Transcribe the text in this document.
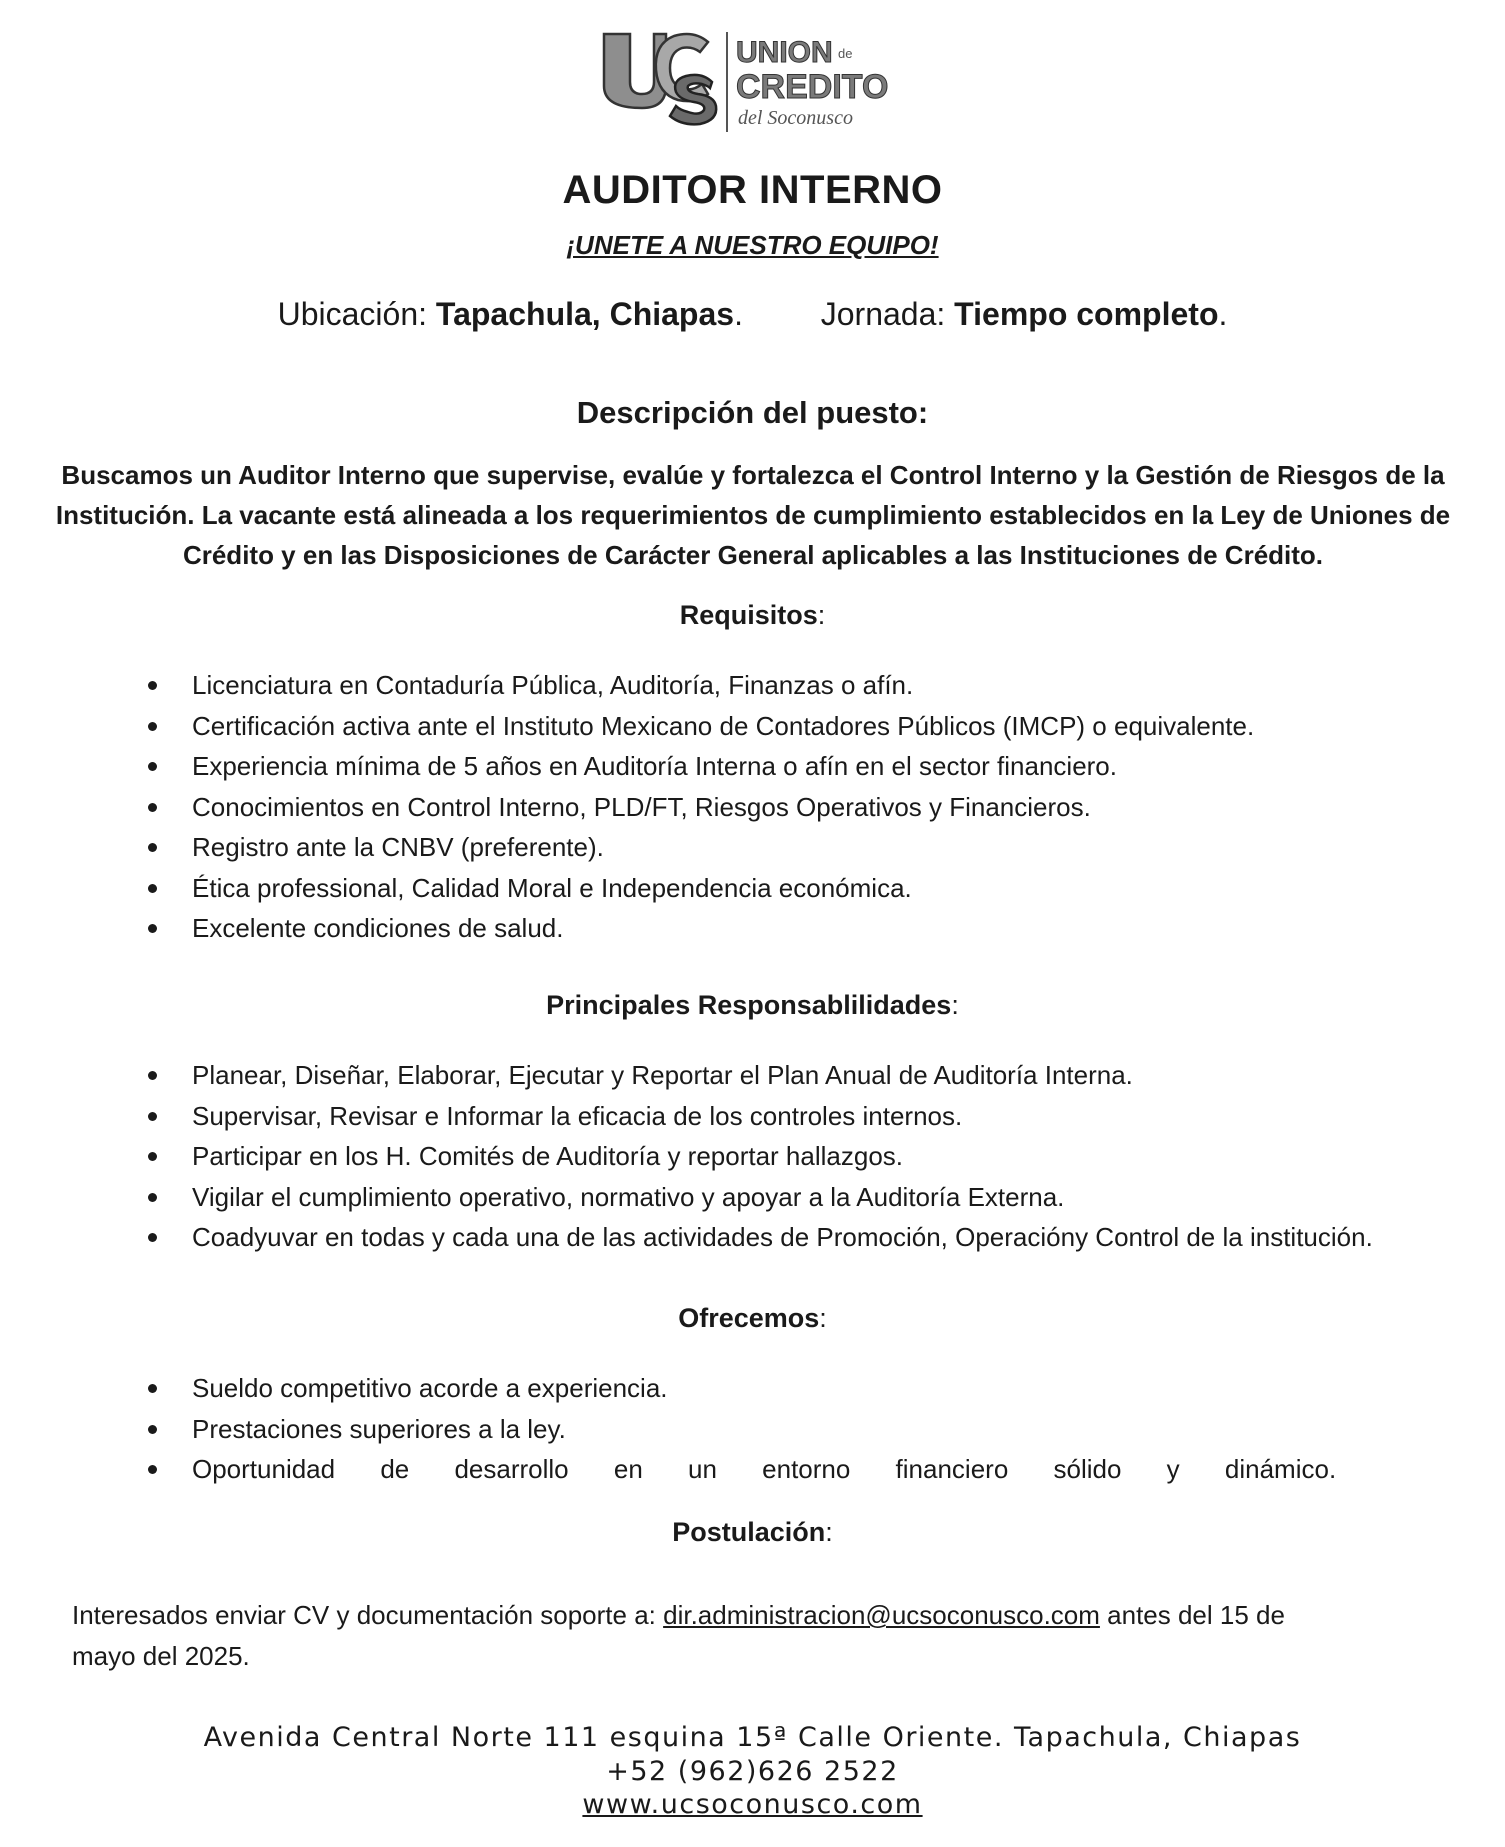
UNION de
CREDITO
del Soconusco
AUDITOR INTERNO
¡UNETE A NUESTRO EQUIPO!
Ubicación: Tapachula, Chiapas. Jornada: Tiempo completo.
Descripción del puesto:
Buscamos un Auditor Interno que supervise, evalúe y fortalezca el Control Interno y la Gestión de Riesgos de la Institución. La vacante está alineada a los requerimientos de cumplimiento establecidos en la Ley de Uniones de Crédito y en las Disposiciones de Carácter General aplicables a las Instituciones de Crédito.
Requisitos:
Licenciatura en Contaduría Pública, Auditoría, Finanzas o afín.
Certificación activa ante el Instituto Mexicano de Contadores Públicos (IMCP) o equivalente.
Experiencia mínima de 5 años en Auditoría Interna o afín en el sector financiero.
Conocimientos en Control Interno, PLD/FT, Riesgos Operativos y Financieros.
Registro ante la CNBV (preferente).
Ética professional, Calidad Moral e Independencia económica.
Excelente condiciones de salud.
Principales Responsablilidades:
Planear, Diseñar, Elaborar, Ejecutar y Reportar el Plan Anual de Auditoría Interna.
Supervisar, Revisar e Informar la eficacia de los controles internos.
Participar en los H. Comités de Auditoría y reportar hallazgos.
Vigilar el cumplimiento operativo, normativo y apoyar a la Auditoría Externa.
Coadyuvar en todas y cada una de las actividades de Promoción, Operacióny Control de la institución.
Ofrecemos:
Sueldo competitivo acorde a experiencia.
Prestaciones superiores a la ley.
Oportunidad de desarrollo en un entorno financiero sólido y dinámico.
Postulación:
Interesados enviar CV y documentación soporte a: dir.administracion@ucsoconusco.com antes del 15 de mayo del 2025.
Avenida Central Norte 111 esquina 15ª Calle Oriente. Tapachula, Chiapas
+52 (962)626 2522
www.ucsoconusco.com
